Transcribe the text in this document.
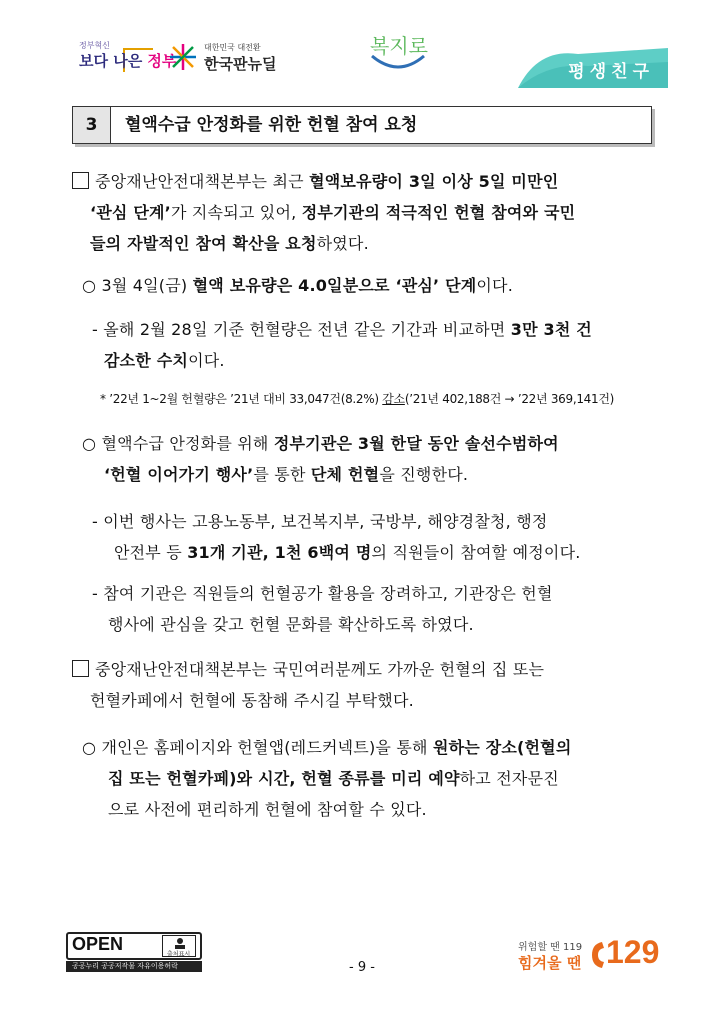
정부혁신
보다 나은 정부
대한민국 대전환
한국판뉴딜
복지로
평생친구
3	혈액수급 안정화를 위한 헌혈 참여 요청
중앙재난안전대책본부는 최근 혈액보유량이 3일 이상 5일 미만인
‘관심 단계’가 지속되고 있어, 정부기관의 적극적인 헌혈 참여와 국민
들의 자발적인 참여 확산을 요청하였다.
○ 3월 4일(금) 혈액 보유량은 4.0일분으로 ‘관심’ 단계이다.
- 올해 2월 28일 기준 헌혈량은 전년 같은 기간과 비교하면 3만 3천 건
감소한 수치이다.
* ’22년 1~2월 헌혈량은 ’21년 대비 33,047건(8.2%) 감소(’21년 402,188건 → ’22년 369,141건)
○ 혈액수급 안정화를 위해 정부기관은 3월 한달 동안 솔선수범하여
‘헌혈 이어가기 행사’를 통한 단체 헌혈을 진행한다.
- 이번 행사는 고용노동부, 보건복지부, 국방부, 해양경찰청, 행정
안전부 등 31개 기관, 1천 6백여 명의 직원들이 참여할 예정이다.
- 참여 기관은 직원들의 헌혈공가 활용을 장려하고, 기관장은 헌혈
행사에 관심을 갖고 헌혈 문화를 확산하도록 하였다.
중앙재난안전대책본부는 국민여러분께도 가까운 헌혈의 집 또는
헌혈카페에서 헌혈에 동참해 주시길 부탁했다.
○ 개인은 홈페이지와 헌혈앱(레드커넥트)을 통해 원하는 장소(헌혈의
집 또는 헌혈카페)와 시간, 헌혈 종류를 미리 예약하고 전자문진
으로 사전에 편리하게 헌혈에 참여할 수 있다.
OPEN
출처표시
공공누리 공공저작물 자유이용허락	- 9 -
위험할 땐 119
힘겨울 땐 129
